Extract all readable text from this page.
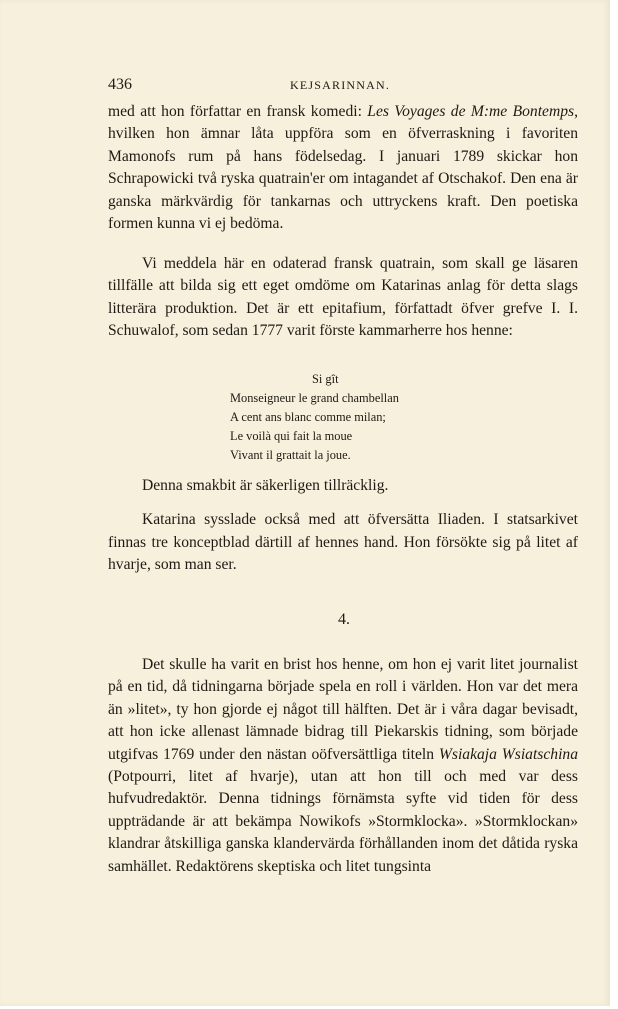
436	KEJSARINNAN.

med att hon författar en fransk komedi: Les Voyages de M:me Bontemps, hvilken hon ämnar låta uppföra som en öfverraskning i favoriten Mamonofs rum på hans födelsedag. I januari 1789 skickar hon Schrapowicki två ryska quatrain'er om intagandet af Otschakof. Den ena är ganska märkvärdig för tankarnas och uttryckens kraft. Den poetiska formen kunna vi ej bedöma.

Vi meddela här en odaterad fransk quatrain, som skall ge läsaren tillfälle att bilda sig ett eget omdöme om Katarinas anlag för detta slags litterära produktion. Det är ett epitafium, författadt öfver grefve I. I. Schuwalof, som sedan 1777 varit förste kammarherre hos henne:

Si gît
Monseigneur le grand chambellan
A cent ans blanc comme milan;
Le voilà qui fait la moue
Vivant il grattait la joue.

Denna smakbit är säkerligen tillräcklig.

Katarina sysslade också med att öfversätta Iliaden. I statsarkivet finnas tre konceptblad därtill af hennes hand. Hon försökte sig på litet af hvarje, som man ser.

4.

Det skulle ha varit en brist hos henne, om hon ej varit litet journalist på en tid, då tidningarna började spela en roll i världen. Hon var det mera än »litet», ty hon gjorde ej något till hälften. Det är i våra dagar bevisadt, att hon icke allenast lämnade bidrag till Piekarskis tidning, som började utgifvas 1769 under den nästan oöfversättliga titeln Wsiakaja Wsiatschina (Potpourri, litet af hvarje), utan att hon till och med var dess hufvudredaktör. Denna tidnings förnämsta syfte vid tiden för dess uppträdande är att bekämpa Nowikofs »Stormklocka». »Stormklockan» klandrar åtskilliga ganska klandervärda förhållanden inom det dåtida ryska samhället. Redaktörens skeptiska och litet tungsinta
